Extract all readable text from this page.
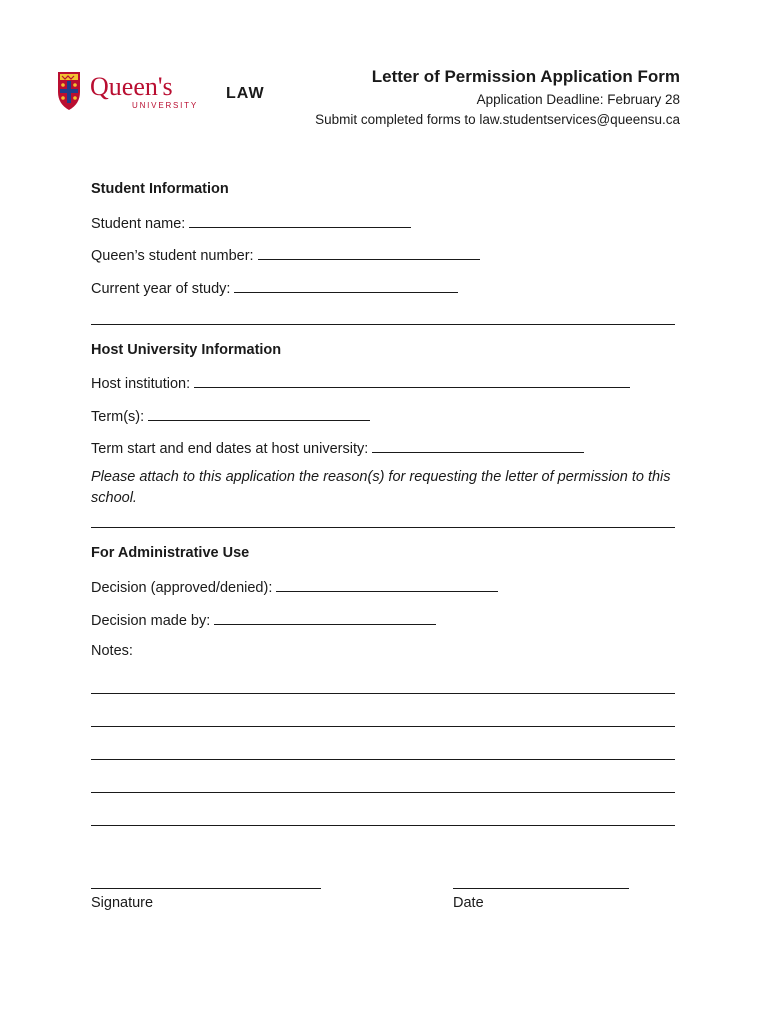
Queen's
UNIVERSITY
LAW
Letter of Permission Application Form
Application Deadline: February 28
Submit completed forms to law.studentservices@queensu.ca
Student Information
Student name:
Queen’s student number:
Current year of study:
Host University Information
Host institution:
Term(s):
Term start and end dates at host university:
Please attach to this application the reason(s) for requesting the letter of permission to this school.
For Administrative Use
Decision (approved/denied):
Decision made by:
Notes:
Signature	Date
